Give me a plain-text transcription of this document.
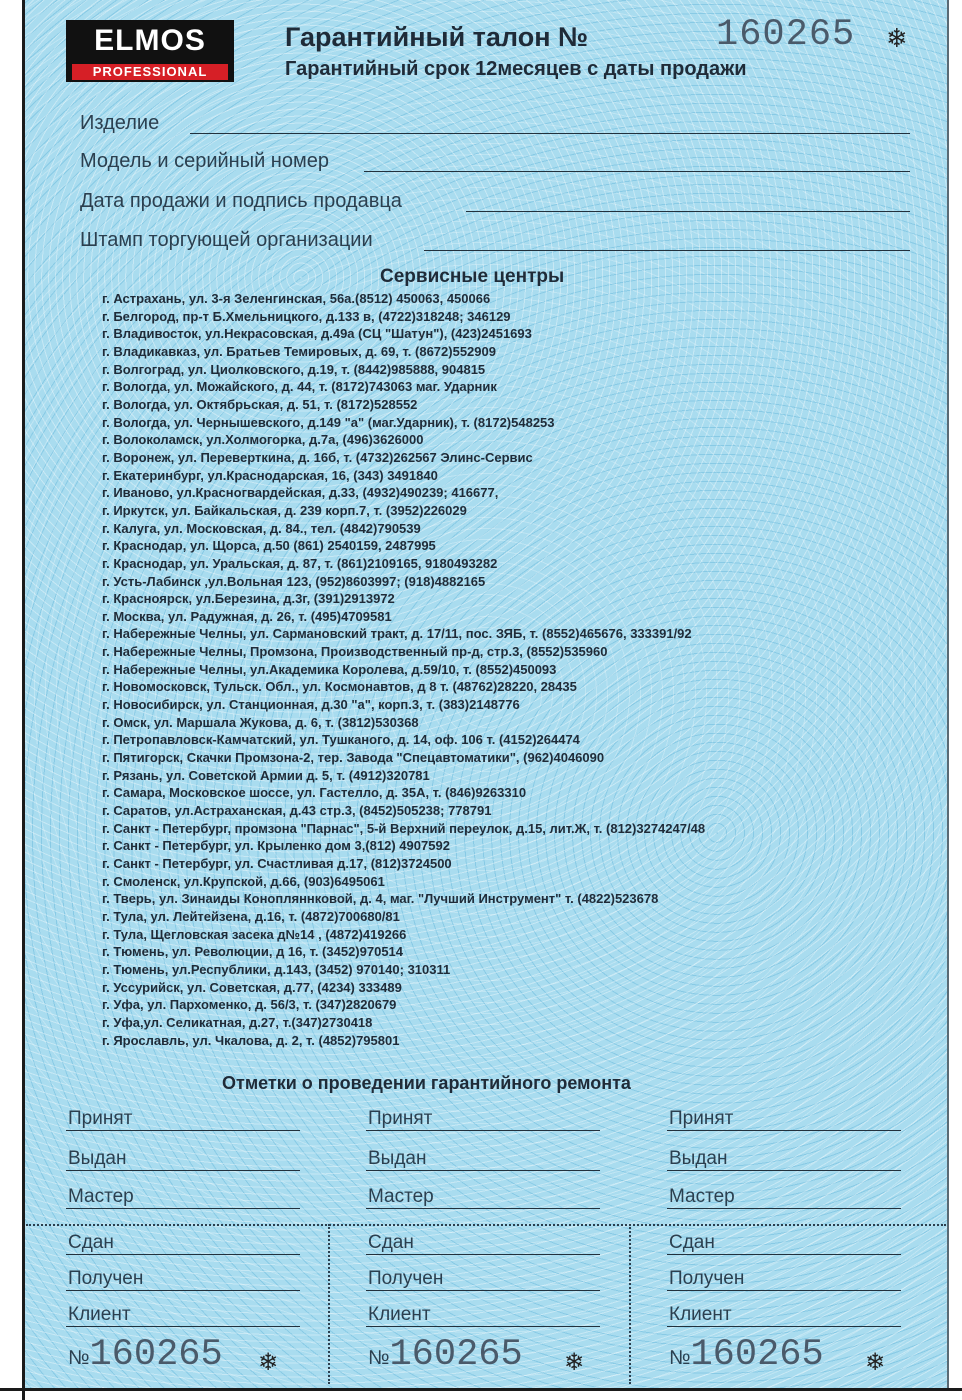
ELMOS
PROFESSIONAL
Гарантийный талон №	160265 ❄
Гарантийный срок 12месяцев с даты продажи
Изделие
Модель и серийный номер
Дата продажи и подпись продавца
Штамп торгующей организации
Сервисные центры
г. Астрахань, ул. 3-я Зеленгинская, 56а.(8512) 450063, 450066
г. Белгород, пр-т Б.Хмельницкого, д.133 в, (4722)318248; 346129
г. Владивосток, ул.Некрасовская, д.49а (СЦ "Шатун"), (423)2451693
г. Владикавказ, ул. Братьев Темировых, д. 69, т. (8672)552909
г. Волгоград, ул. Циолковского, д.19, т. (8442)985888, 904815
г. Вологда, ул. Можайского, д. 44, т. (8172)743063 маг. Ударник
г. Вологда, ул. Октябрьская, д. 51, т. (8172)528552
г. Вологда, ул. Чернышевского, д.149 "а" (маг.Ударник), т. (8172)548253
г. Волоколамск, ул.Холмогорка, д.7а, (496)3626000
г. Воронеж, ул. Переверткина, д. 16б, т. (4732)262567 Элинс-Сервис
г. Екатеринбург, ул.Краснодарская, 16, (343) 3491840
г. Иваново, ул.Красногвардейская, д.33, (4932)490239; 416677,
г. Иркутск, ул. Байкальская, д. 239 корп.7, т. (3952)226029
г. Калуга, ул. Московская, д. 84., тел. (4842)790539
г. Краснодар, ул. Щорса, д.50 (861) 2540159, 2487995
г. Краснодар, ул. Уральская, д. 87, т. (861)2109165, 9180493282
г. Усть-Лабинск ,ул.Вольная 123, (952)8603997; (918)4882165
г. Красноярск, ул.Березина, д.3г, (391)2913972
г. Москва, ул. Радужная, д. 26, т. (495)4709581
г. Набережные Челны, ул. Сармановский тракт, д. 17/11, пос. ЗЯБ, т. (8552)465676, 333391/92
г. Набережные Челны, Промзона, Производственный пр-д, стр.3, (8552)535960
г. Набережные Челны, ул.Академика Королева, д.59/10, т. (8552)450093
г. Новомосковск, Тульск. Обл., ул. Космонавтов, д 8 т. (48762)28220, 28435
г. Новосибирск, ул. Станционная, д.30 "а", корп.3, т. (383)2148776
г. Омск, ул. Маршала Жукова, д. 6, т. (3812)530368
г. Петропавловск-Камчатский, ул. Тушканого, д. 14, оф. 106 т. (4152)264474
г. Пятигорск, Скачки Промзона-2, тер. Завода "Спецавтоматики", (962)4046090
г. Рязань, ул. Советской Армии д. 5, т. (4912)320781
г. Самара, Московское шоссе, ул. Гастелло, д. 35А, т. (846)9263310
г. Саратов, ул.Астраханская, д.43 стр.3, (8452)505238; 778791
г. Санкт - Петербург, промзона "Парнас", 5-й Верхний переулок, д.15, лит.Ж, т. (812)3274247/48
г. Санкт - Петербург, ул. Крыленко дом 3,(812) 4907592
г. Санкт - Петербург, ул. Счастливая д.17, (812)3724500
г. Смоленск, ул.Крупской, д.66, (903)6495061
г. Тверь, ул. Зинаиды Конопляннковой, д. 4, маг. "Лучший Инструмент" т. (4822)523678
г. Тула, ул. Лейтейзена, д.16, т. (4872)700680/81
г. Тула, Щегловская засека д№14 , (4872)419266
г. Тюмень, ул. Революции, д 16, т. (3452)970514
г. Тюмень, ул.Республики, д.143, (3452) 970140; 310311
г. Уссурийск, ул. Советская, д.77, (4234) 333489
г. Уфа, ул. Пархоменко, д. 56/3, т. (347)2820679
г. Уфа,ул. Селикатная, д.27, т.(347)2730418
г. Ярославль, ул. Чкалова, д. 2, т. (4852)795801
Отметки о проведении гарантийного ремонта
Принят
Выдан
Мастер
Сдан
Получен
Клиент
№160265 ❄
Принят
Выдан
Мастер
Сдан
Получен
Клиент
№160265 ❄
Принят
Выдан
Мастер
Сдан
Получен
Клиент
№160265 ❄
